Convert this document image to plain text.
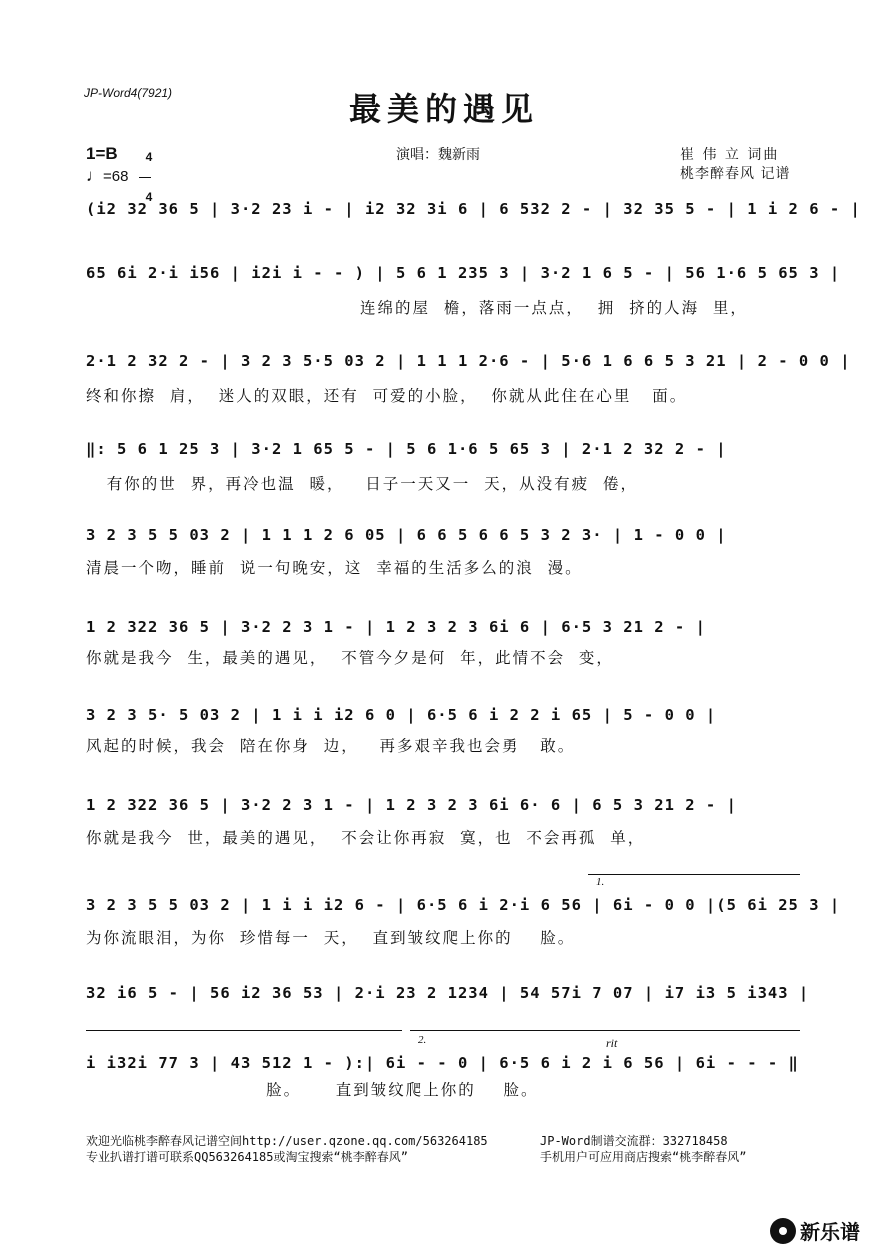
JP-Word4(7921)	最美的遇见
1=B	4

4

♩=68
演唱：魏新雨	崔 伟 立 词曲
桃李醉春风 记谱
(i2 32 36 5 | 3·2 23 i - | i2 32 3i 6 | 6 532 2 - | 32 35 5 - | 1 i 2 6 - |
65 6i 2·i i56 | i2i i - - ) | 5 6 1 235 3 | 3·2 1 6 5 - | 56 1·6 5 65 3 |
连绵的屋  檐，落雨一点点，  拥  挤的人海  里，
2·1 2 32 2 - | 3 2 3 5·5 03 2 | 1 1 1 2·6 - | 5·6 1 6 6 5 3 21 | 2 - 0 0 |
终和你擦  肩，  迷人的双眼，还有  可爱的小脸，  你就从此住在心里   面。
‖: 5 6 1 25 3 | 3·2 1 65 5 - | 5 6 1·6 5 65 3 | 2·1 2 32 2 - |
有你的世  界，再冷也温  暖，   日子一天又一  天，从没有疲  倦，
3 2 3 5 5 03 2 | 1 1 1 2 6 05 | 6 6 5 6 6 5 3 2 3· | 1 - 0 0 |
清晨一个吻，睡前  说一句晚安，这  幸福的生活多么的浪  漫。
1 2 322 36 5 | 3·2 2 3 1 - | 1 2 3 2 3 6i 6 | 6·5 3 21 2 - |
你就是我今  生，最美的遇见，  不管今夕是何  年，此情不会  变，
3 2 3 5· 5 03 2 | 1 i i i2 6 0 | 6·5 6 i 2 2 i 65 | 5 - 0 0 |
风起的时候，我会  陪在你身  边，   再多艰辛我也会勇   敢。
1 2 322 36 5 | 3·2 2 3 1 - | 1 2 3 2 3 6i 6· 6 | 6 5 3 21 2 - |
你就是我今  世，最美的遇见，  不会让你再寂  寞，也  不会再孤  单，
1.
3 2 3 5 5 03 2 | 1 i i i2 6 - | 6·5 6 i 2·i 6 56 | 6i - 0 0 |(5 6i 25 3 |
为你流眼泪，为你  珍惜每一  天，  直到皱纹爬上你的    脸。
32 i6 5 - | 56 i2 36 53 | 2·i 23 2 1234 | 54 57i 7 07 | i7 i3 5 i343 |
2.	rit
i i32i 77 3 | 43 512 1 - ):| 6i - - 0 | 6·5 6 i 2 i 6 56 | 6i - - - ‖
脸。     直到皱纹爬上你的    脸。
欢迎光临桃李醉春风记谱空间http://user.qzone.qq.com/563264185	JP-Word制谱交流群：332718458
专业扒谱打谱可联系QQ563264185或淘宝搜索“桃李醉春风”	手机用户可应用商店搜索“桃李醉春风”
新乐谱
